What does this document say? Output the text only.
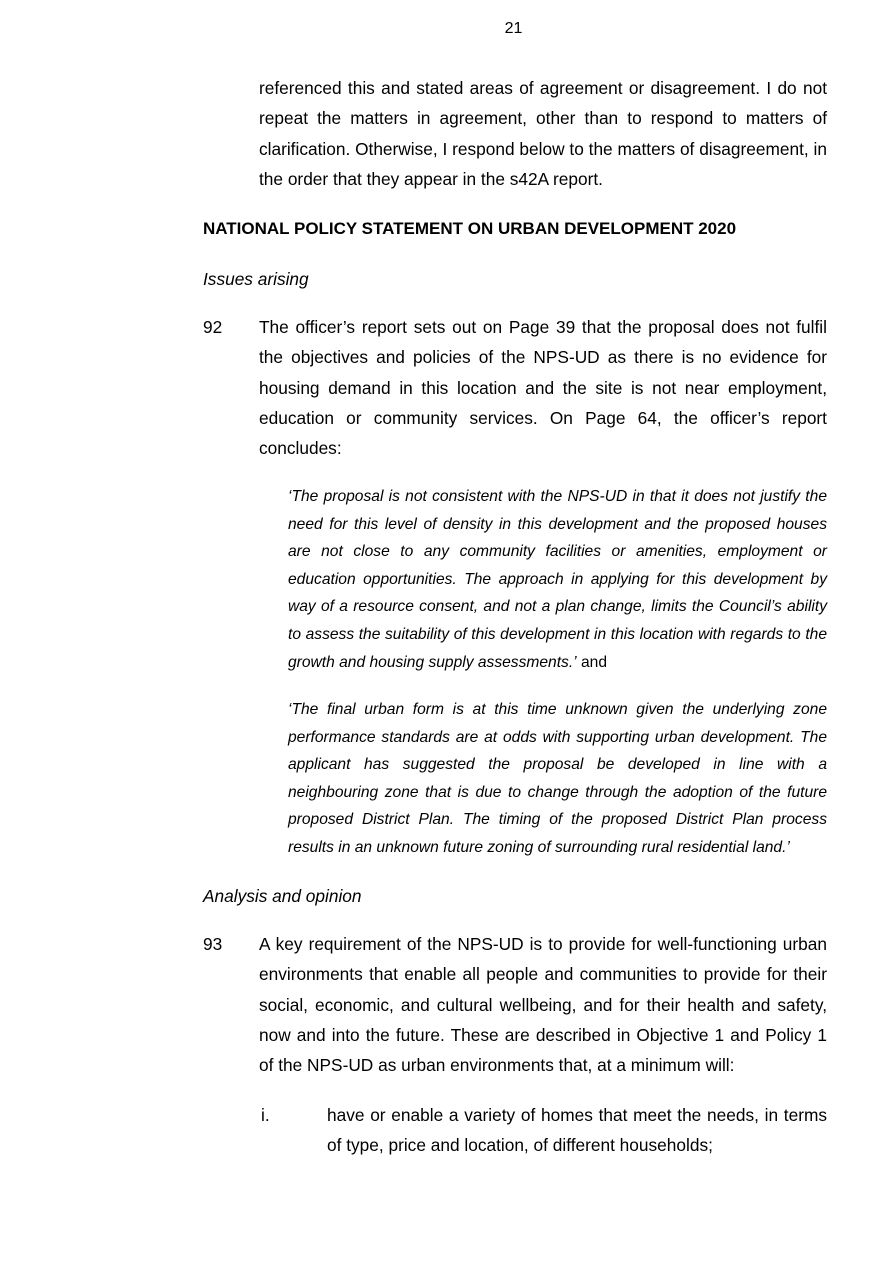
21
referenced this and stated areas of agreement or disagreement. I do not repeat the matters in agreement, other than to respond to matters of clarification. Otherwise, I respond below to the matters of disagreement, in the order that they appear in the s42A report.
NATIONAL POLICY STATEMENT ON URBAN DEVELOPMENT 2020
Issues arising
92 The officer’s report sets out on Page 39 that the proposal does not fulfil the objectives and policies of the NPS-UD as there is no evidence for housing demand in this location and the site is not near employment, education or community services. On Page 64, the officer’s report concludes:
‘The proposal is not consistent with the NPS-UD in that it does not justify the need for this level of density in this development and the proposed houses are not close to any community facilities or amenities, employment or education opportunities. The approach in applying for this development by way of a resource consent, and not a plan change, limits the Council’s ability to assess the suitability of this development in this location with regards to the growth and housing supply assessments.’ and
‘The final urban form is at this time unknown given the underlying zone performance standards are at odds with supporting urban development. The applicant has suggested the proposal be developed in line with a neighbouring zone that is due to change through the adoption of the future proposed District Plan. The timing of the proposed District Plan process results in an unknown future zoning of surrounding rural residential land.’
Analysis and opinion
93 A key requirement of the NPS-UD is to provide for well-functioning urban environments that enable all people and communities to provide for their social, economic, and cultural wellbeing, and for their health and safety, now and into the future. These are described in Objective 1 and Policy 1 of the NPS-UD as urban environments that, at a minimum will:
i.	have or enable a variety of homes that meet the needs, in terms of type, price and location, of different households;
